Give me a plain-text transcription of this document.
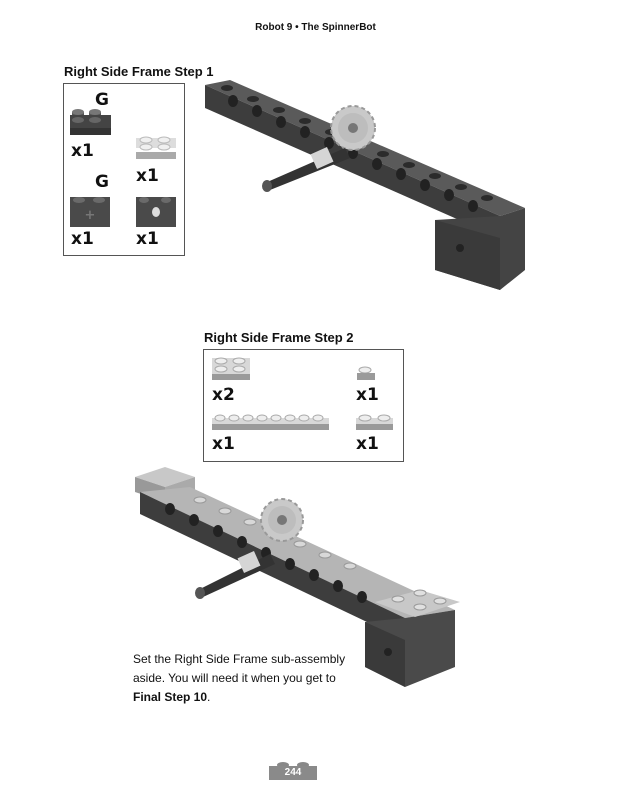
Robot 9 • The SpinnerBot
Right Side Frame Step 1
+
G
x1
x1
G
x1 x1
Right Side Frame Step 2
x2	x1
x1	x1
Set the Right Side Frame sub-assembly
aside. You will need it when you get to
Final Step 10.
244
